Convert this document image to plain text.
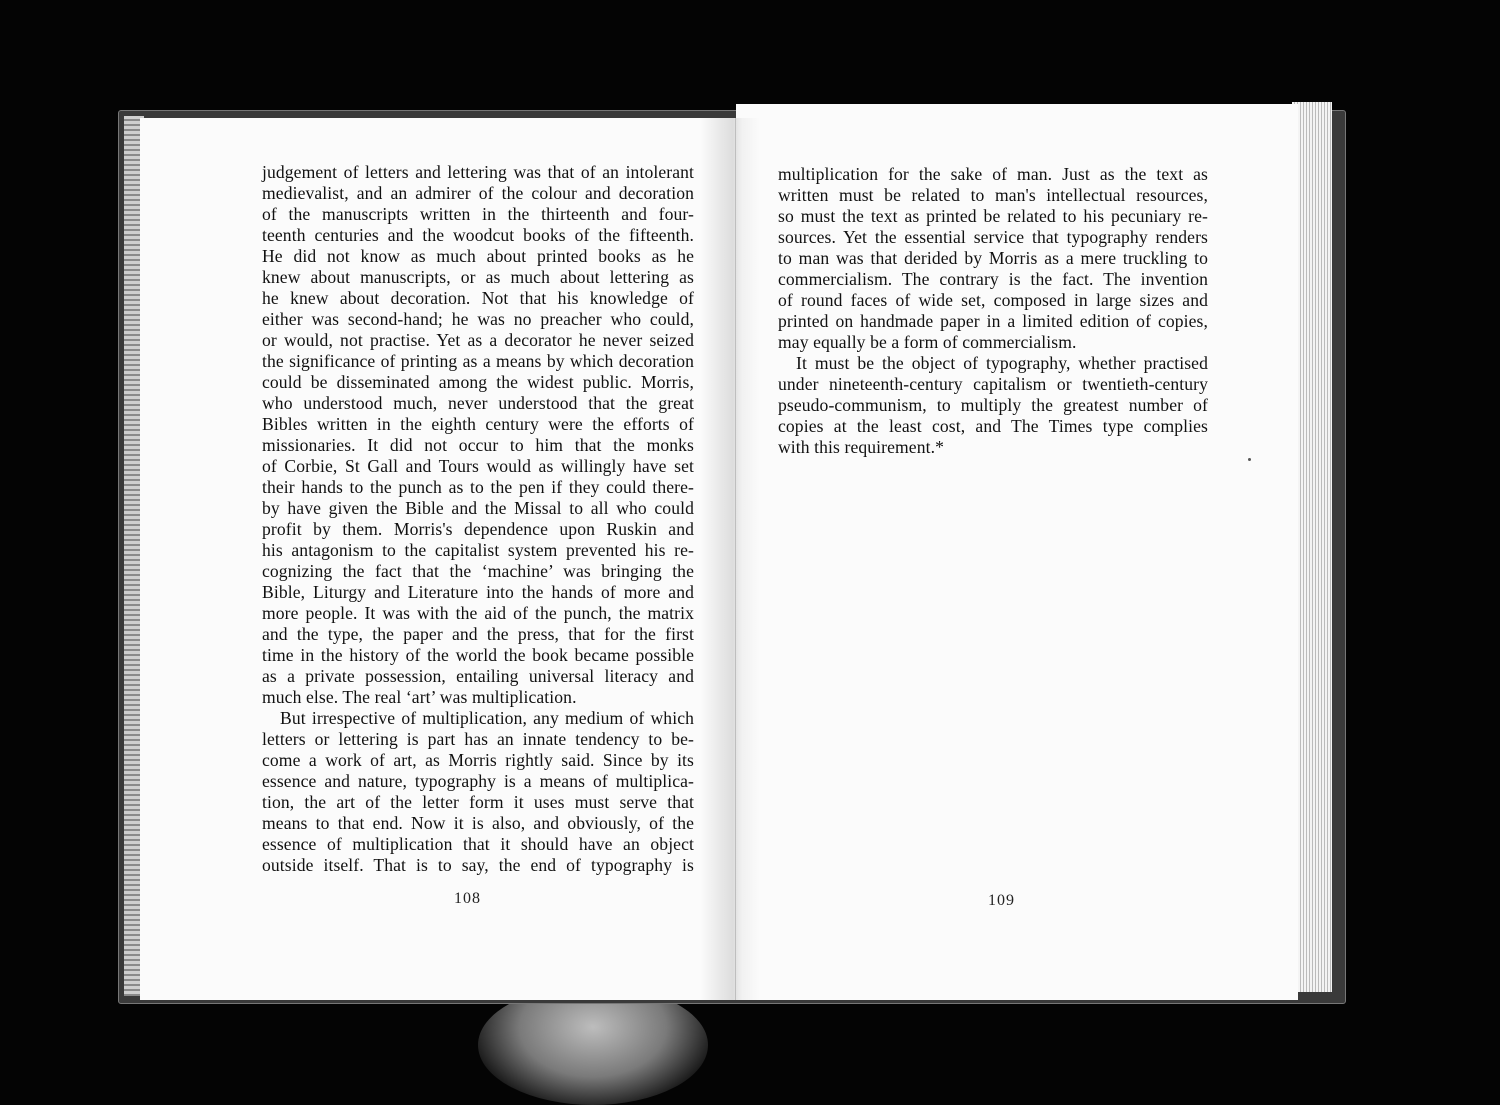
judgement of letters and lettering was that of an intolerant
medievalist, and an admirer of the colour and decoration
of the manuscripts written in the thirteenth and four-
teenth centuries and the woodcut books of the fifteenth.
He did not know as much about printed books as he
knew about manuscripts, or as much about lettering as
he knew about decoration. Not that his knowledge of
either was second-hand; he was no preacher who could,
or would, not practise. Yet as a decorator he never seized
the significance of printing as a means by which decoration
could be disseminated among the widest public. Morris,
who understood much, never understood that the great
Bibles written in the eighth century were the efforts of
missionaries. It did not occur to him that the monks
of Corbie, St Gall and Tours would as willingly have set
their hands to the punch as to the pen if they could there-
by have given the Bible and the Missal to all who could
profit by them. Morris's dependence upon Ruskin and
his antagonism to the capitalist system prevented his re-
cognizing the fact that the ‘machine’ was bringing the
Bible, Liturgy and Literature into the hands of more and
more people. It was with the aid of the punch, the matrix
and the type, the paper and the press, that for the first
time in the history of the world the book became possible
as a private possession, entailing universal literacy and
much else. The real ‘art’ was multiplication.
But irrespective of multiplication, any medium of which
letters or lettering is part has an innate tendency to be-
come a work of art, as Morris rightly said. Since by its
essence and nature, typography is a means of multiplica-
tion, the art of the letter form it uses must serve that
means to that end. Now it is also, and obviously, of the
essence of multiplication that it should have an object
outside itself. That is to say, the end of typography is
108
multiplication for the sake of man. Just as the text as
written must be related to man's intellectual resources,
so must the text as printed be related to his pecuniary re-
sources. Yet the essential service that typography renders
to man was that derided by Morris as a mere truckling to
commercialism. The contrary is the fact. The invention
of round faces of wide set, composed in large sizes and
printed on handmade paper in a limited edition of copies,
may equally be a form of commercialism.
It must be the object of typography, whether practised
under nineteenth-century capitalism or twentieth-century
pseudo-communism, to multiply the greatest number of
copies at the least cost, and The Times type complies
with this requirement.*
109
